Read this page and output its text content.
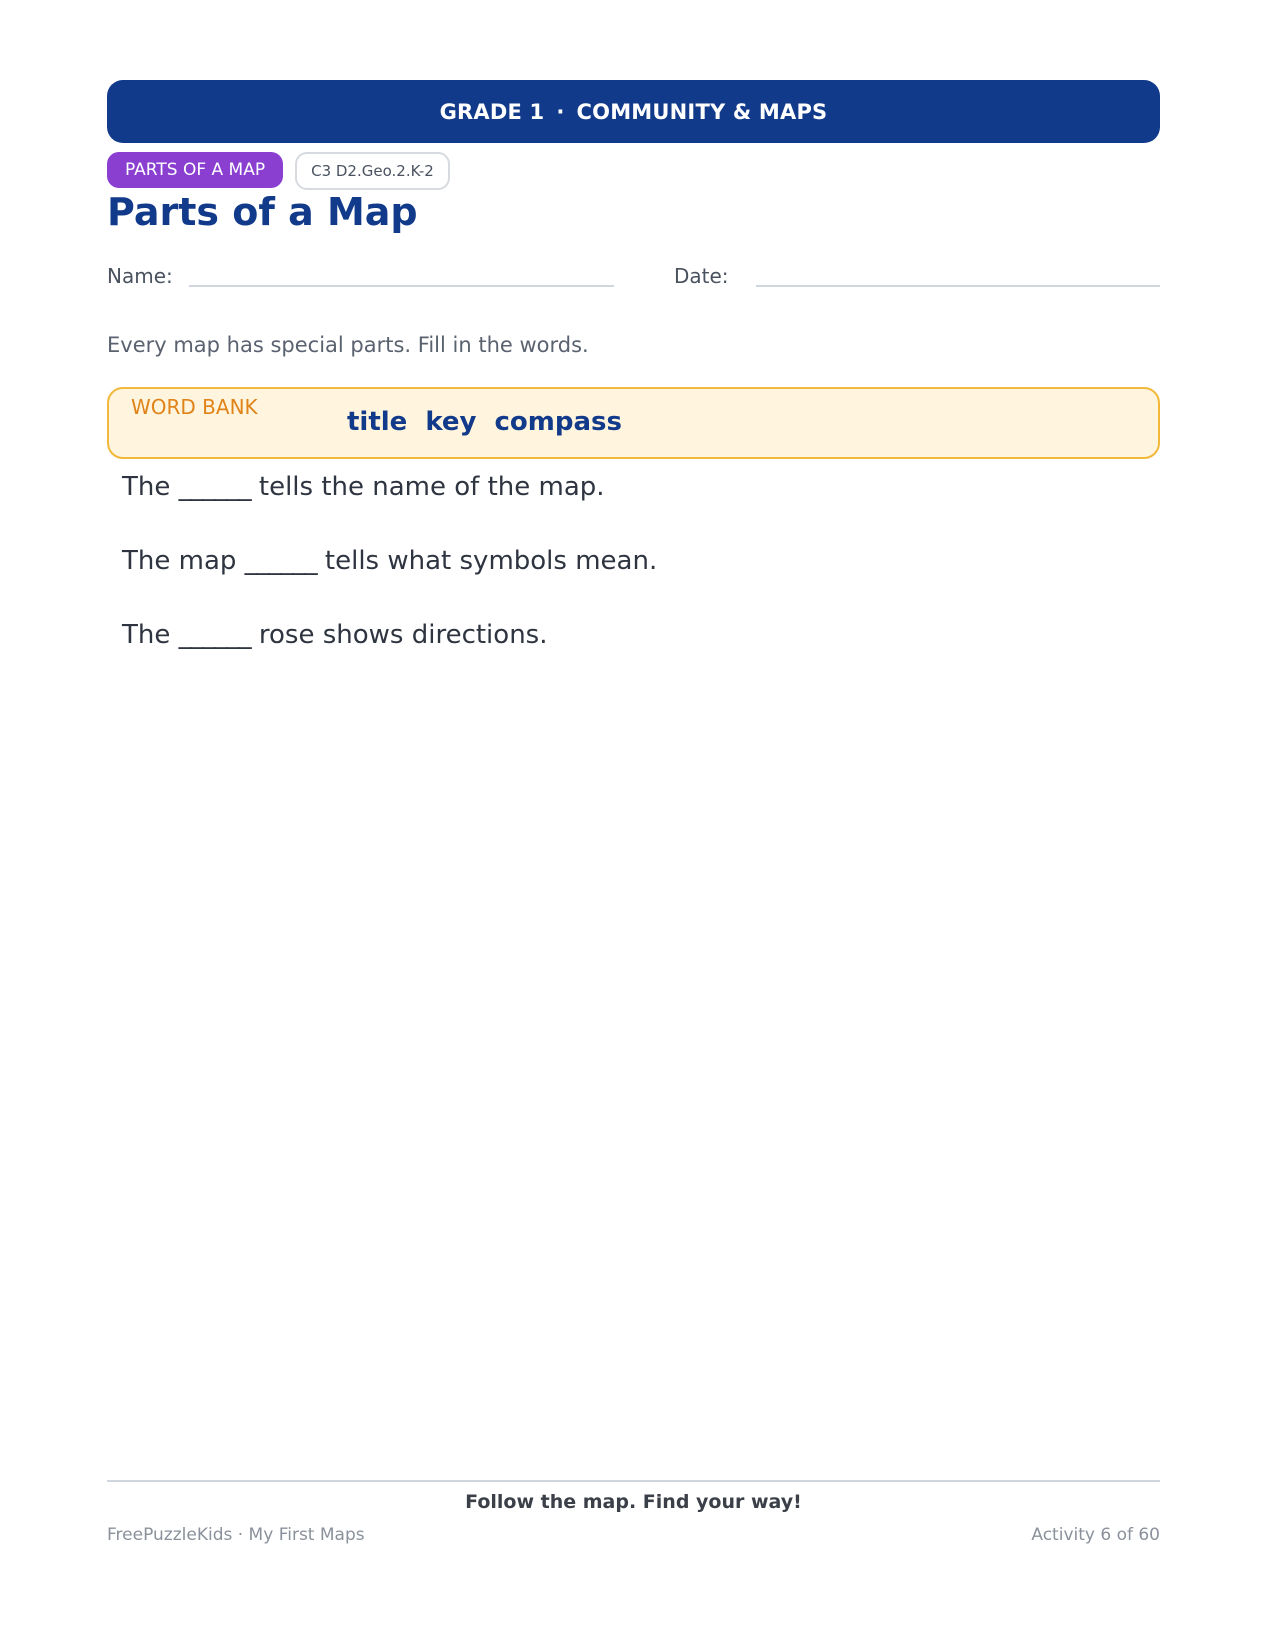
GRADE 1 · COMMUNITY & MAPS
PARTS OF A MAP	C3 D2.Geo.2.K-2
Parts of a Map
Name:	Date:
Every map has special parts. Fill in the words.
WORD BANK	title key compass
The ______ tells the name of the map.
The map ______ tells what symbols mean.
The ______ rose shows directions.
Follow the map. Find your way!
FreePuzzleKids · My First Maps	Activity 6 of 60
